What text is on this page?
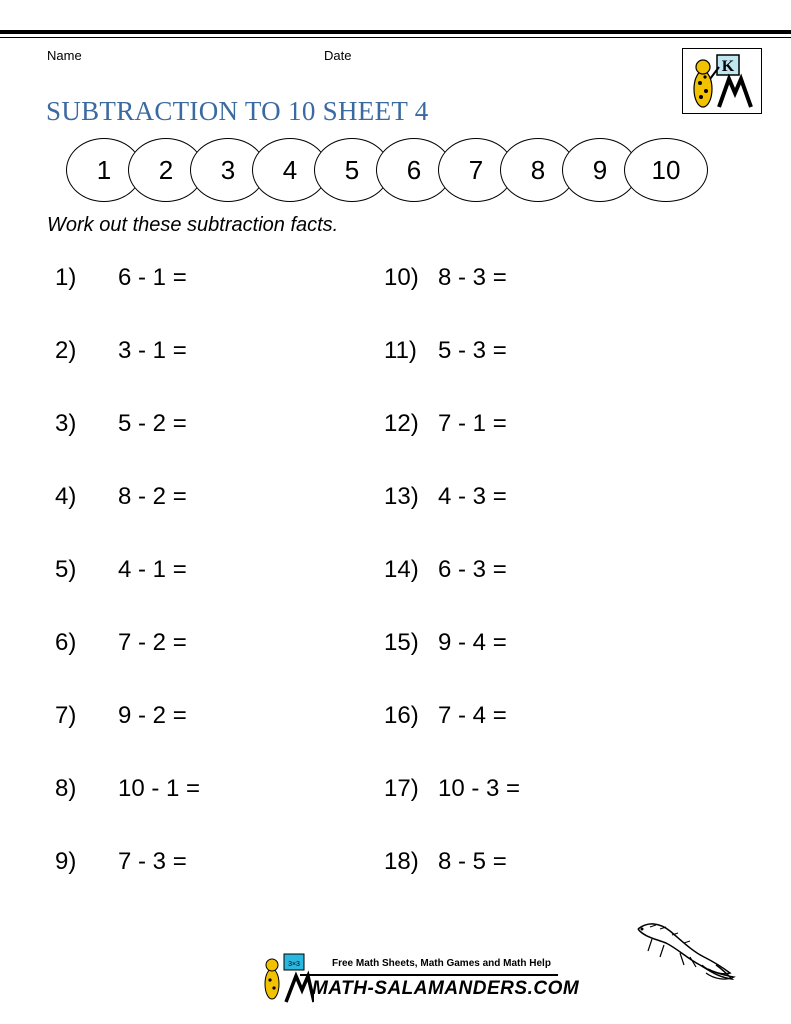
Name	Date
SUBTRACTION TO 10 SHEET 4
K
1	2	3	4	5	6	7	8	9	10
Work out these subtraction facts.
1) 6 - 1 =
2) 3 - 1 =
3) 5 - 2 =
4) 8 - 2 =
5) 4 - 1 =
6) 7 - 2 =
7) 9 - 2 =
8) 10 - 1 =
9) 7 - 3 =
10) 8 - 3 =
11) 5 - 3 =
12) 7 - 1 =
13) 4 - 3 =
14) 6 - 3 =
15) 9 - 4 =
16) 7 - 4 =
17) 10 - 3 =
18) 8 - 5 =
3×3	Free Math Sheets, Math Games and Math Help
MATH-SALAMANDERS.COM
